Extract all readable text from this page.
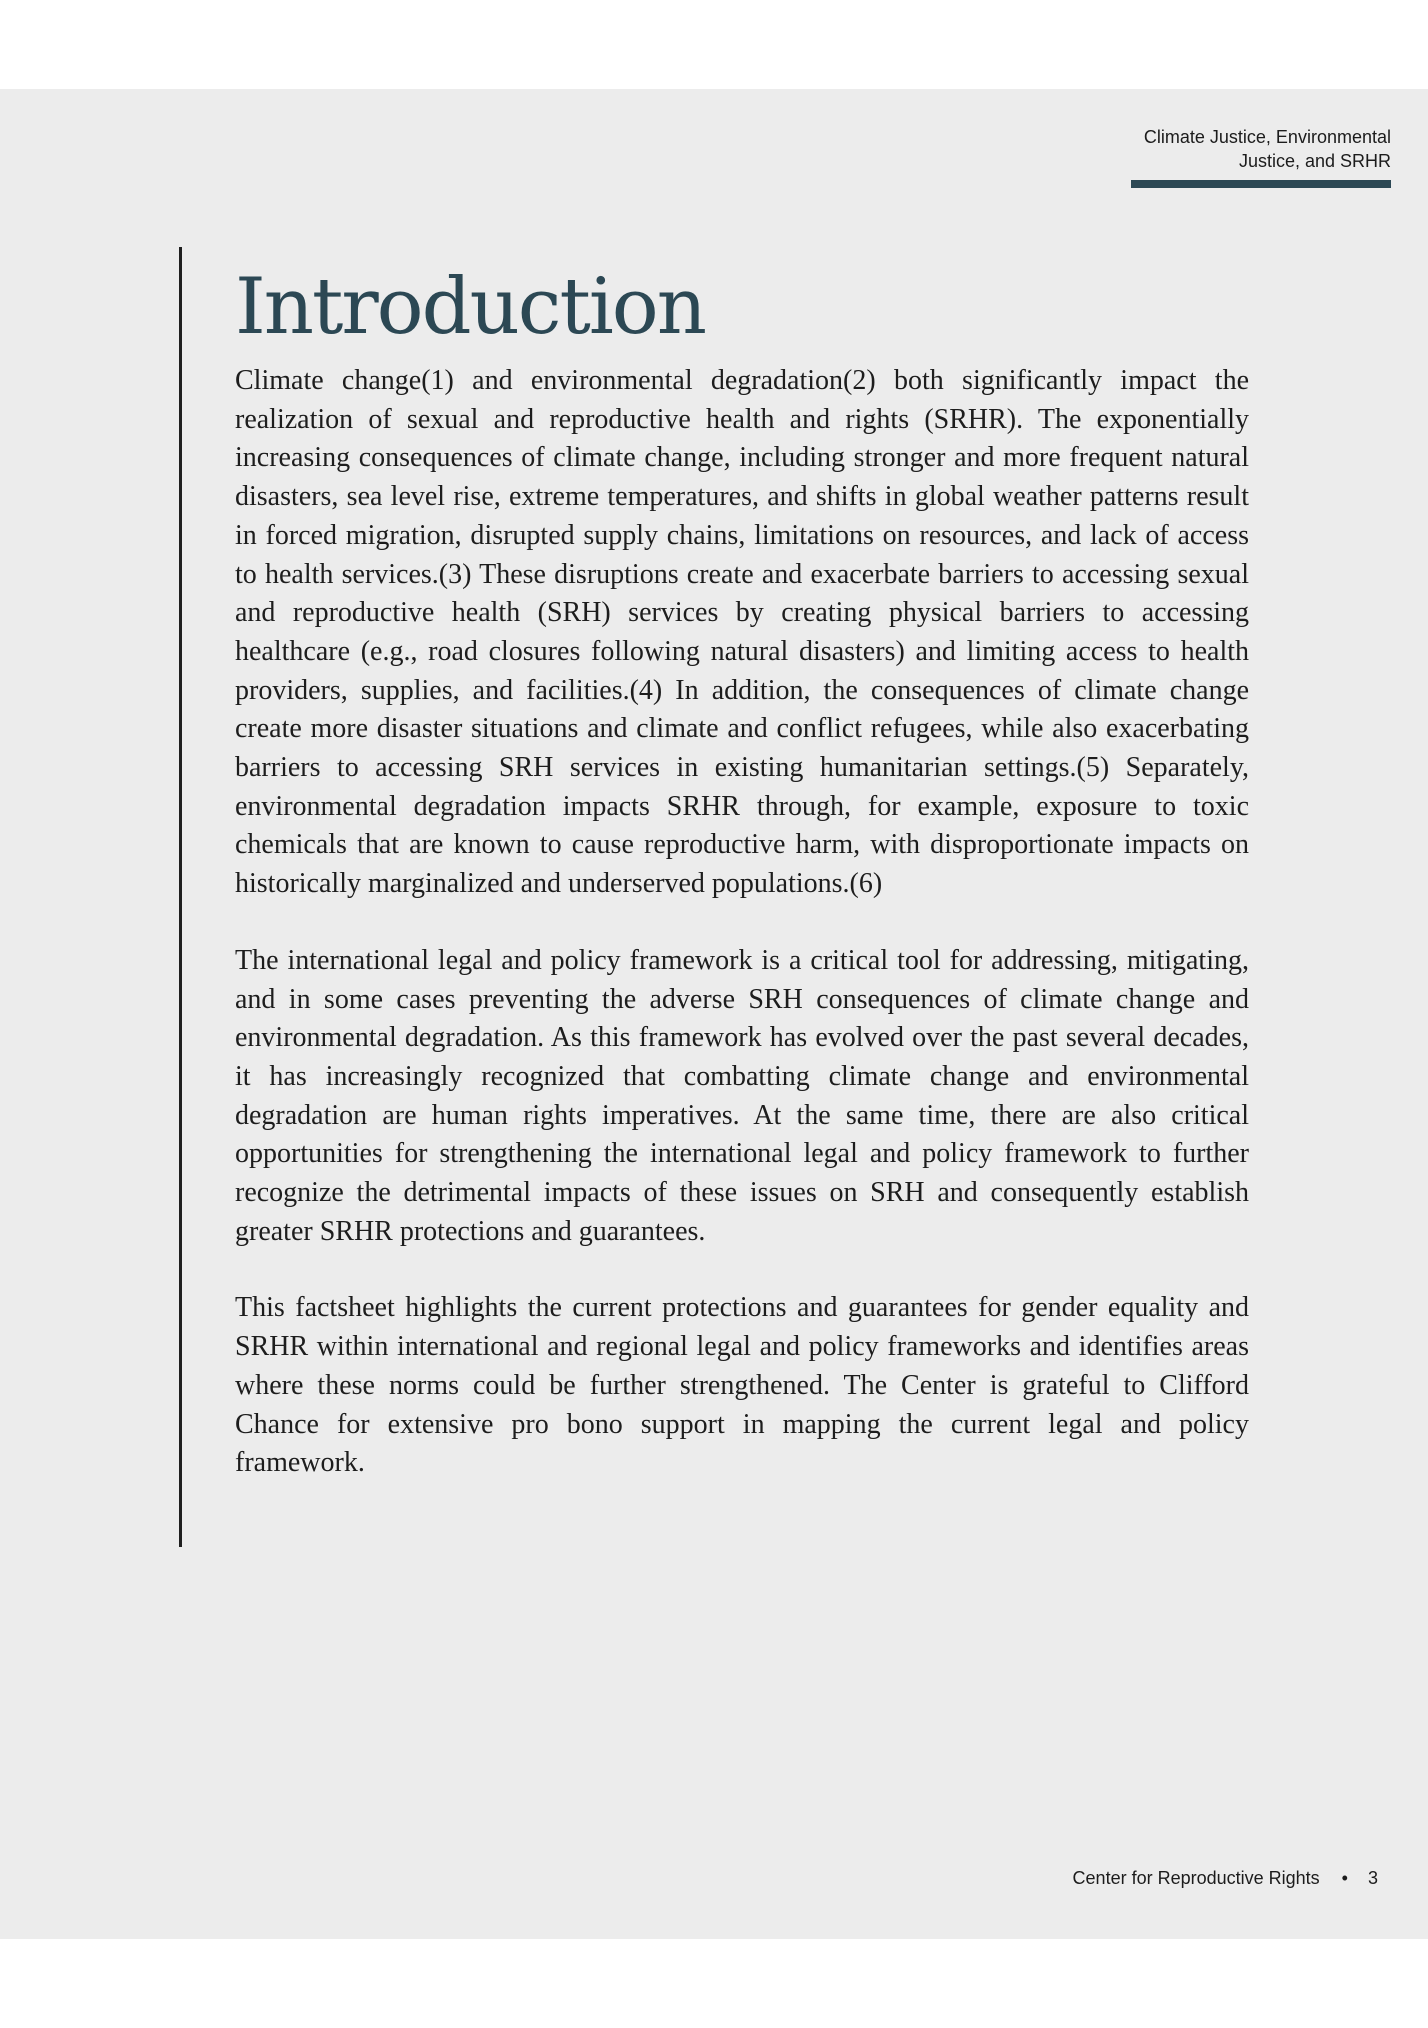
Climate Justice, Environmental
Justice, and SRHR
Introduction

Climate change(1) and environmental degradation(2) both significantly impact the realization of sexual and reproductive health and rights (SRHR). The exponentially increasing consequences of climate change, including stronger and more frequent natural disasters, sea level rise, extreme temperatures, and shifts in global weather patterns result in forced migration, disrupted supply chains, limitations on resources, and lack of access to health services.(3) These disruptions create and exacerbate barriers to accessing sexual and reproductive health (SRH) services by creating physical barriers to accessing healthcare (e.g., road closures following natural disasters) and limiting access to health providers, supplies, and facilities.(4) In addition, the consequences of climate change create more disaster situations and climate and conflict refugees, while also exacerbating barriers to accessing SRH services in existing humanitarian settings.(5) Separately, environmental degradation impacts SRHR through, for example, exposure to toxic chemicals that are known to cause reproductive harm, with disproportionate impacts on historically marginalized and underserved populations.(6)

The international legal and policy framework is a critical tool for addressing, mitigating, and in some cases preventing the adverse SRH consequences of climate change and environmental degradation. As this framework has evolved over the past several decades, it has increasingly recognized that combatting climate change and environmental degradation are human rights imperatives. At the same time, there are also critical opportunities for strengthening the international legal and policy framework to further recognize the detrimental impacts of these issues on SRH and consequently establish greater SRHR protections and guarantees.

This factsheet highlights the current protections and guarantees for gender equality and SRHR within international and regional legal and policy frameworks and identifies areas where these norms could be further strengthened. The Center is grateful to Clifford Chance for extensive pro bono support in mapping the current legal and policy framework.

Center for Reproductive Rights • 3
